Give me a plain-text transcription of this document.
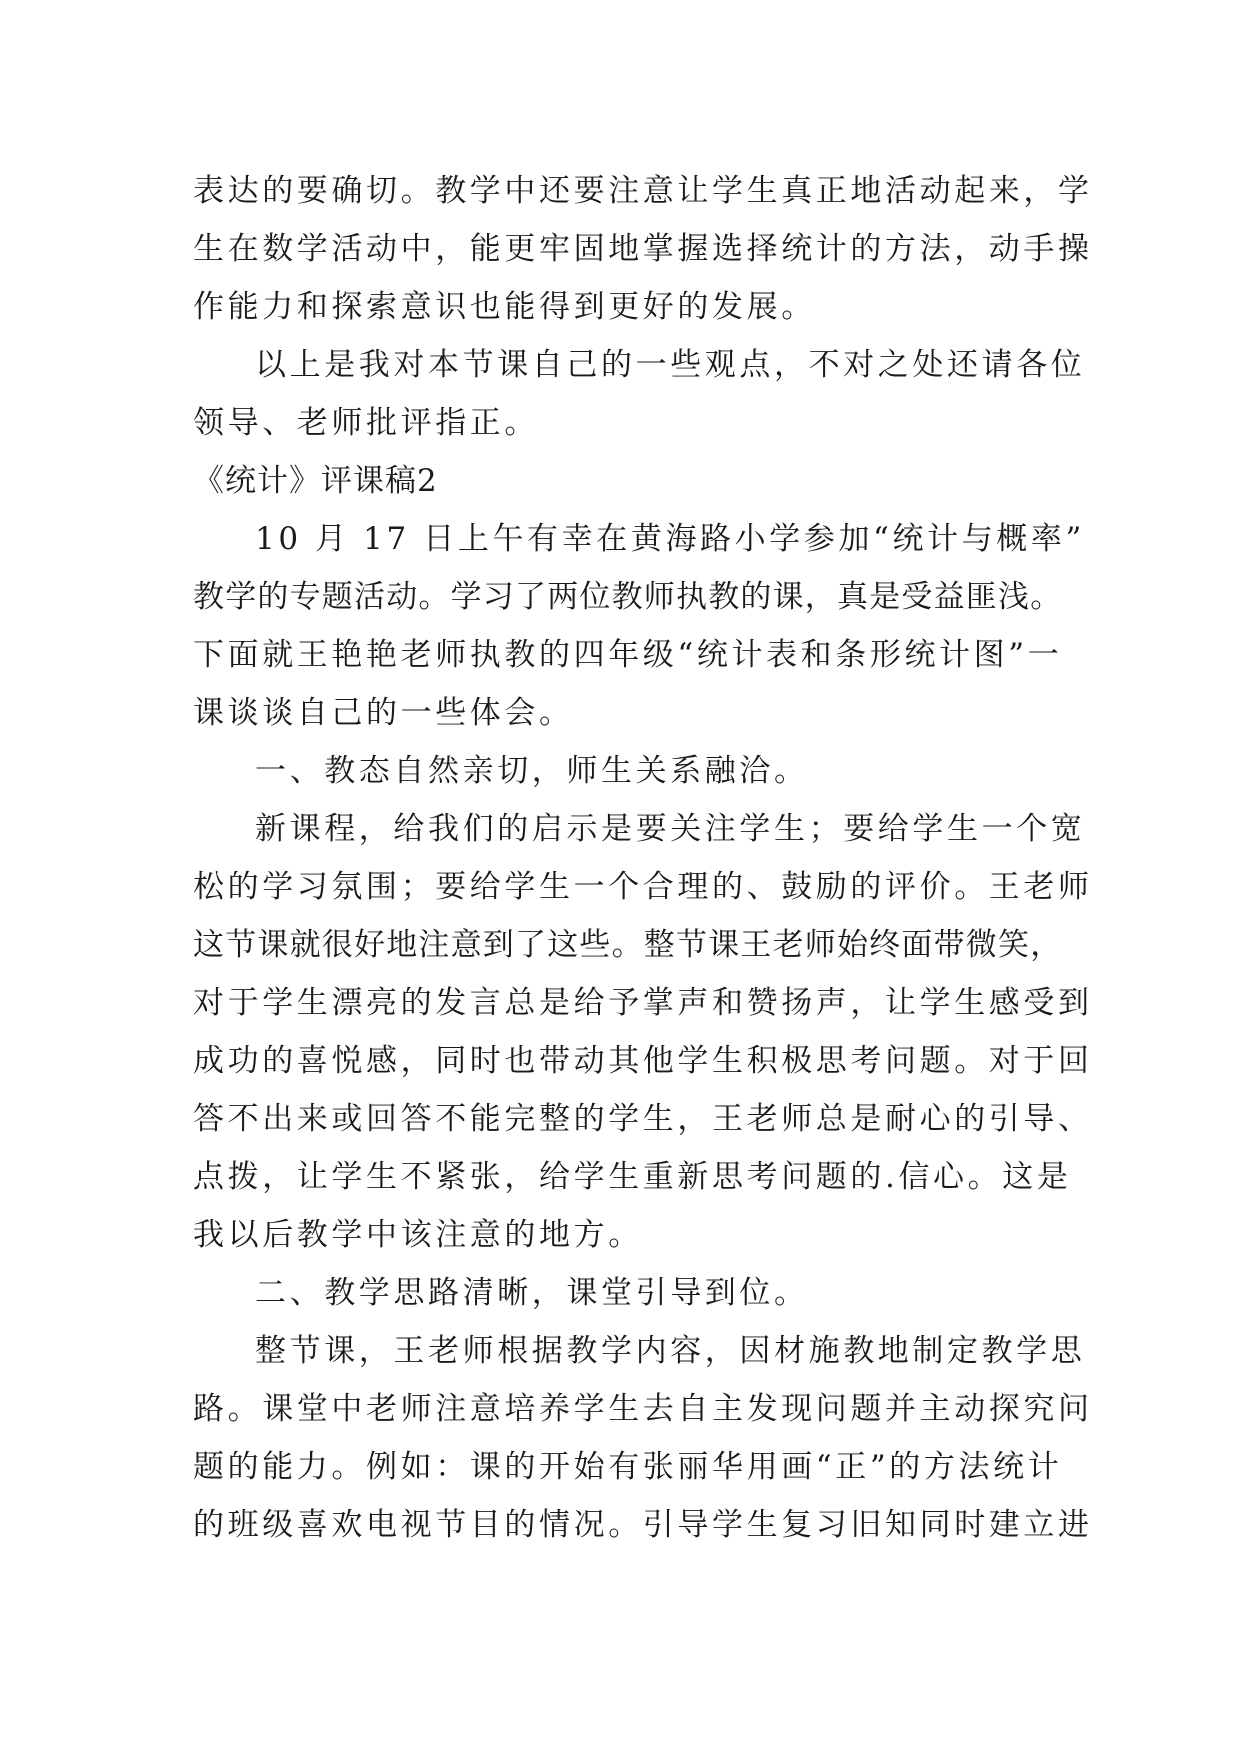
表达的要确切。教学中还要注意让学生真正地活动起来，学
生在数学活动中，能更牢固地掌握选择统计的方法，动手操
作能力和探索意识也能得到更好的发展。
以上是我对本节课自己的一些观点，不对之处还请各位
领导、老师批评指正。
《统计》评课稿2
10 月 17 日上午有幸在黄海路小学参加“统计与概率”
教学的专题活动。学习了两位教师执教的课，真是受益匪浅。
下面就王艳艳老师执教的四年级“统计表和条形统计图”一
课谈谈自己的一些体会。
一、教态自然亲切，师生关系融洽。
新课程，给我们的启示是要关注学生；要给学生一个宽
松的学习氛围；要给学生一个合理的、鼓励的评价。王老师
这节课就很好地注意到了这些。整节课王老师始终面带微笑，
对于学生漂亮的发言总是给予掌声和赞扬声，让学生感受到
成功的喜悦感，同时也带动其他学生积极思考问题。对于回
答不出来或回答不能完整的学生，王老师总是耐心的引导、
点拨，让学生不紧张，给学生重新思考问题的.信心。这是
我以后教学中该注意的地方。
二、教学思路清晰，课堂引导到位。
整节课，王老师根据教学内容，因材施教地制定教学思
路。课堂中老师注意培养学生去自主发现问题并主动探究问
题的能力。例如：课的开始有张丽华用画“正”的方法统计
的班级喜欢电视节目的情况。引导学生复习旧知同时建立进
